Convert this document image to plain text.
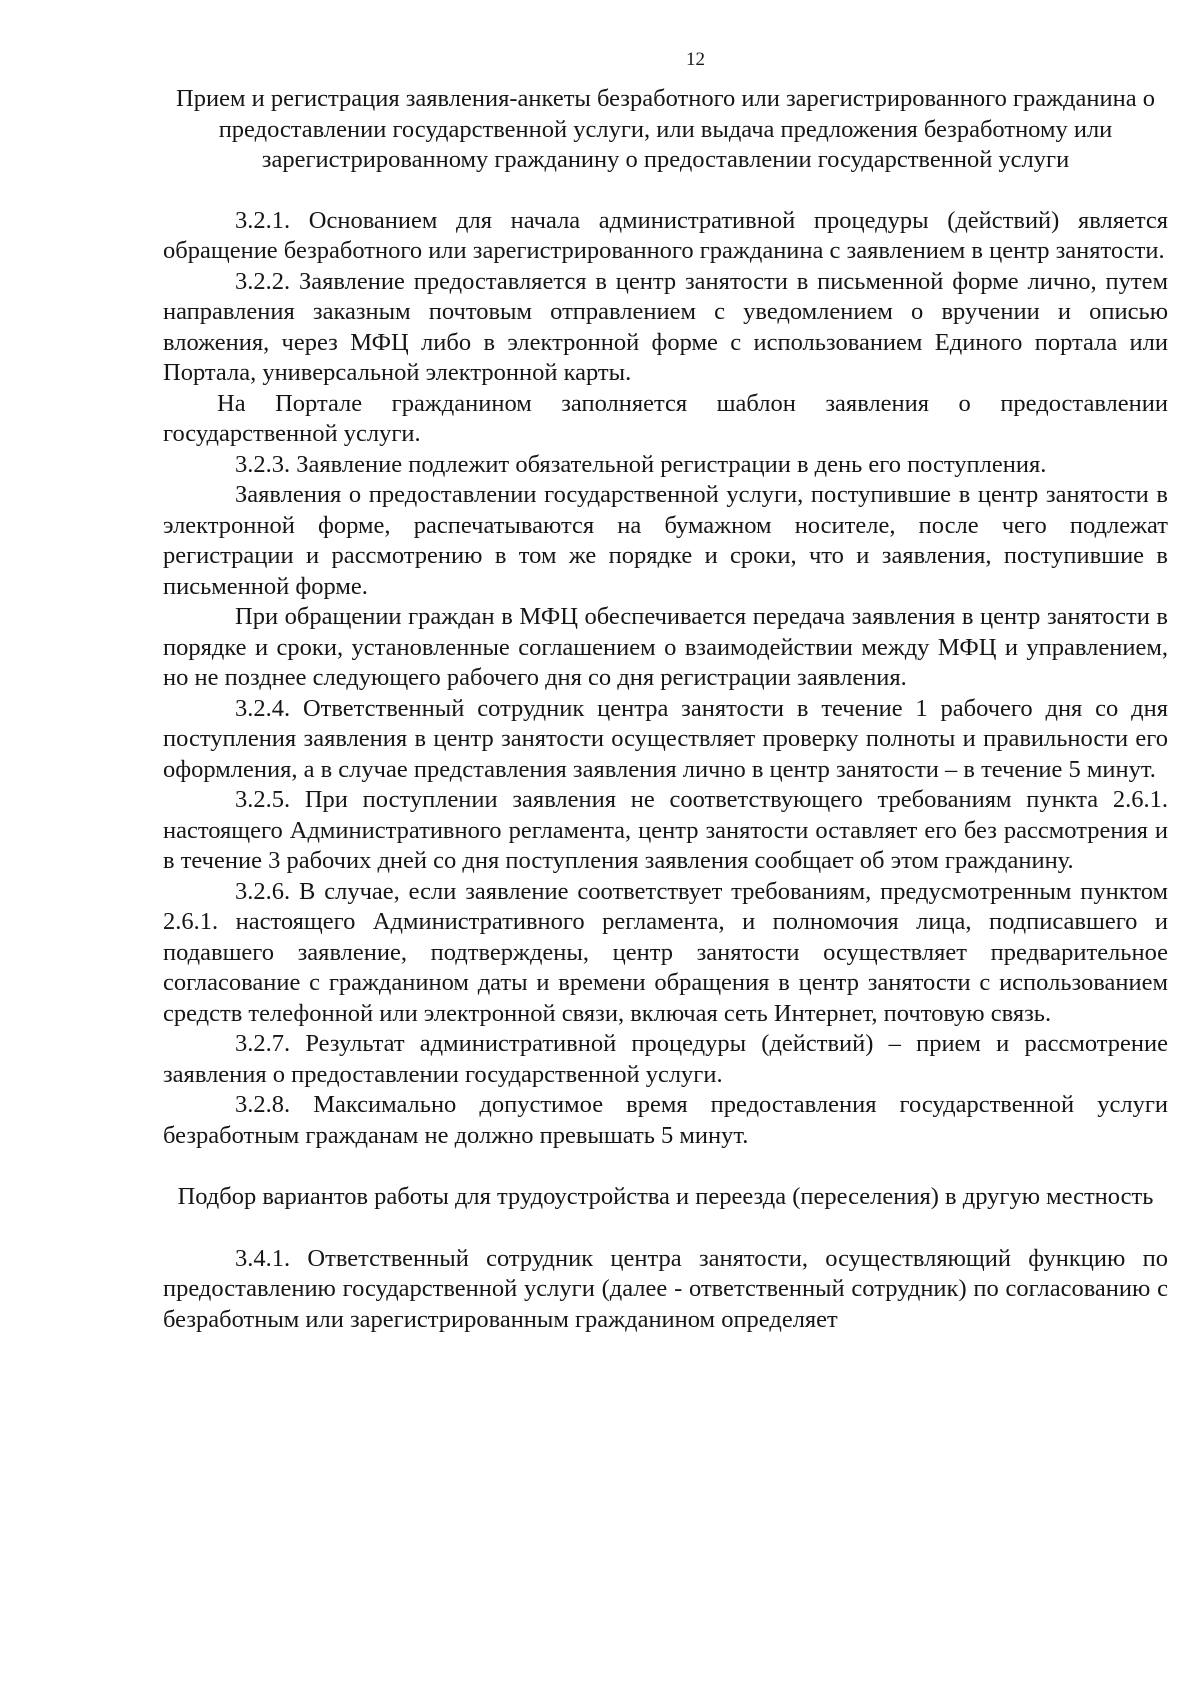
12
Прием и регистрация заявления-анкеты безработного или зарегистрированного гражданина о предоставлении государственной услуги, или выдача предложения безработному или зарегистрированному гражданину о предоставлении государственной услуги

3.2.1. Основанием для начала административной процедуры (действий) является обращение безработного или зарегистрированного гражданина с заявлением в центр занятости.

3.2.2. Заявление предоставляется в центр занятости в письменной форме лично, путем направления заказным почтовым отправлением с уведомлением о вручении и описью вложения, через МФЦ либо в электронной форме с использованием Единого портала или Портала, универсальной электронной карты.

На Портале гражданином заполняется шаблон заявления о предоставлении государственной услуги.

3.2.3. Заявление подлежит обязательной регистрации в день его поступления.

Заявления о предоставлении государственной услуги, поступившие в центр занятости в электронной форме, распечатываются на бумажном носителе, после чего подлежат регистрации и рассмотрению в том же порядке и сроки, что и заявления, поступившие в письменной форме.

При обращении граждан в МФЦ обеспечивается передача заявления в центр занятости в порядке и сроки, установленные соглашением о взаимодействии между МФЦ и управлением, но не позднее следующего рабочего дня со дня регистрации заявления.

3.2.4. Ответственный сотрудник центра занятости в течение 1 рабочего дня со дня поступления заявления в центр занятости осуществляет проверку полноты и правильности его оформления, а в случае представления заявления лично в центр занятости – в течение 5 минут.

3.2.5. При поступлении заявления не соответствующего требованиям пункта 2.6.1. настоящего Административного регламента, центр занятости оставляет его без рассмотрения и в течение 3 рабочих дней со дня поступления заявления сообщает об этом гражданину.

3.2.6. В случае, если заявление соответствует требованиям, предусмотренным пунктом 2.6.1. настоящего Административного регламента, и полномочия лица, подписавшего и подавшего заявление, подтверждены, центр занятости осуществляет предварительное согласование с гражданином даты и времени обращения в центр занятости с использованием средств телефонной или электронной связи, включая сеть Интернет, почтовую связь.

3.2.7. Результат административной процедуры (действий) – прием и рассмотрение заявления о предоставлении государственной услуги.

3.2.8. Максимально допустимое время предоставления государственной услуги безработным гражданам не должно превышать 5 минут.

Подбор вариантов работы для трудоустройства и переезда (переселения) в другую местность

3.4.1. Ответственный сотрудник центра занятости, осуществляющий функцию по предоставлению государственной услуги (далее - ответственный сотрудник) по согласованию с безработным или зарегистрированным гражданином определяет
